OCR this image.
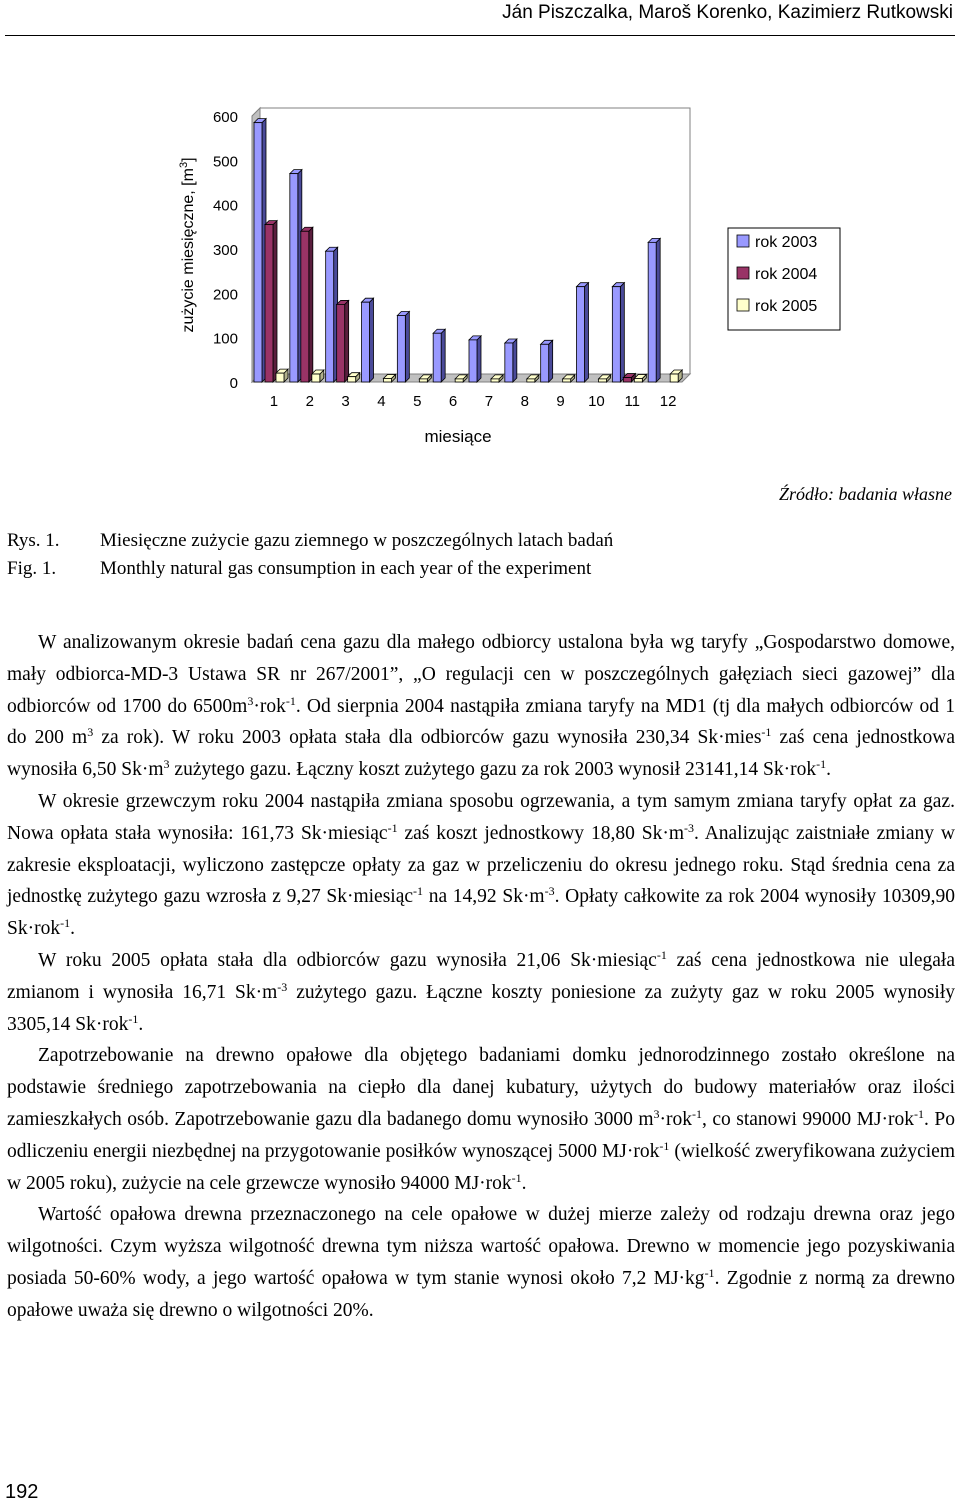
Ján Piszczalka, Maroš Korenko, Kazimierz Rutkowski
0
100
200
300
400
500
600
1 2 3 4 5 6 7 8 9 10 11 12
rok 2003
rok 2004
rok 2005
miesiące
zużycie miesięczne, $[m^3]$
Źródło: badania własne
Rys. 1. Miesięczne zużycie gazu ziemnego w poszczególnych latach badań
Fig. 1. Monthly natural gas consumption in each year of the experiment

W analizowanym okresie badań cena gazu dla małego odbiorcy ustalona była wg taryfy „Gospodarstwo domowe, mały odbiorca-MD-3 Ustawa SR nr 267/2001”, „O regulacji cen w poszczególnych gałęziach sieci gazowej” dla odbiorców od 1700 do $6500m^3\cdot rok^{-1}$. Od sierpnia 2004 nastąpiła zmiana taryfy na MD1 (tj dla małych odbiorców od 1 do 200 $m^3$ za rok). W roku 2003 opłata stała dla odbiorców gazu wynosiła 230,34 Sk·mies$^{-1}$ zaś cena jednostkowa wynosiła 6,50 $Sk\cdot m^3$ zużytego gazu. Łączny koszt zużytego gazu za rok 2003 wynosił 23141,14 Sk·rok$^{-1}$.

W okresie grzewczym roku 2004 nastąpiła zmiana sposobu ogrzewania, a tym samym zmiana taryfy opłat za gaz. Nowa opłata stała wynosiła: 161,73 Sk·miesiąc$^{-1}$ zaś koszt jednostkowy 18,80 $Sk\cdot m^{-3}$. Analizując zaistniałe zmiany w zakresie eksploatacji, wyliczono zastępcze opłaty za gaz w przeliczeniu do okresu jednego roku. Stąd średnia cena za jednostkę zużytego gazu wzrosła z 9,27 Sk·miesiąc$^{-1}$ na 14,92 $Sk\cdot m^{-3}$. Opłaty całkowite za rok 2004 wynosiły 10309,90 Sk·rok$^{-1}$.

W roku 2005 opłata stała dla odbiorców gazu wynosiła 21,06 Sk·miesiąc$^{-1}$ zaś cena jednostkowa nie ulegała zmianom i wynosiła 16,71 $Sk\cdot m^{-3}$ zużytego gazu. Łączne koszty poniesione za zużyty gaz w roku 2005 wynosiły 3305,14 Sk·rok$^{-1}$.

Zapotrzebowanie na drewno opałowe dla objętego badaniami domku jednorodzinnego zostało określone na podstawie średniego zapotrzebowania na ciepło dla danej kubatury, użytych do budowy materiałów oraz ilości zamieszkałych osób. Zapotrzebowanie gazu dla badanego domu wynosiło 3000 $m^3\cdot rok^{-1}$, co stanowi 99000 MJ·rok$^{-1}$. Po odliczeniu energii niezbędnej na przygotowanie posiłków wynoszącej 5000 MJ·rok$^{-1}$ (wielkość zweryfikowana zużyciem w 2005 roku), zużycie na cele grzewcze wynosiło 94000 MJ·rok$^{-1}$.

Wartość opałowa drewna przeznaczonego na cele opałowe w dużej mierze zależy od rodzaju drewna oraz jego wilgotności. Czym wyższa wilgotność drewna tym niższa wartość opałowa. Drewno w momencie jego pozyskiwania posiada 50-60% wody, a jego wartość opałowa w tym stanie wynosi około 7,2 $MJ\cdot kg^{-1}$. Zgodnie z normą za drewno opałowe uważa się drewno o wilgotności 20%.

192
